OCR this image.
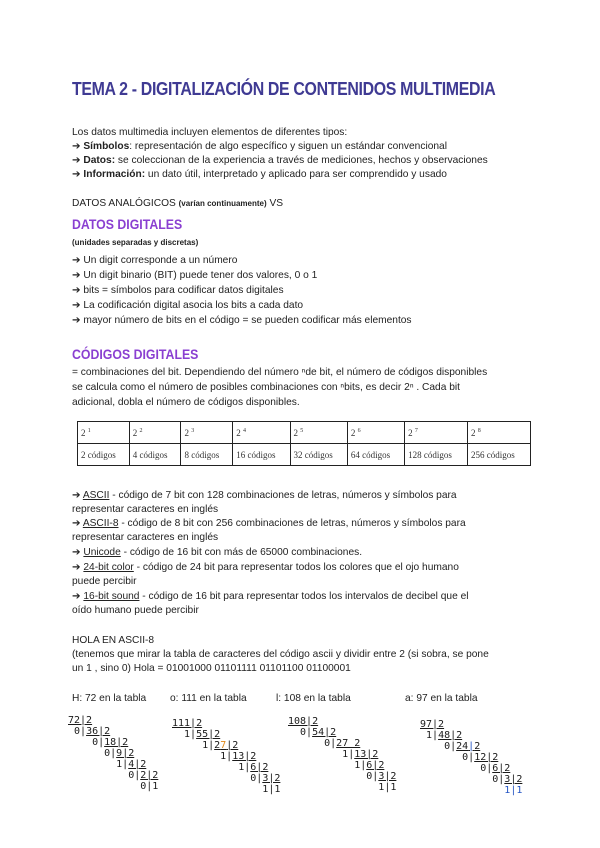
TEMA 2 - DIGITALIZACIÓN DE CONTENIDOS MULTIMEDIA
Los datos multimedia incluyen elementos de diferentes tipos:
➔ Símbolos: representación de algo específico y siguen un estándar convencional
➔ Datos: se coleccionan de la experiencia a través de mediciones, hechos y observaciones
➔ Información: un dato útil, interpretado y aplicado para ser comprendido y usado
DATOS ANALÓGICOS (varían continuamente) VS
DATOS DIGITALES
(unidades separadas y discretas)
➔ Un digit corresponde a un número
➔ Un digit binario (BIT) puede tener dos valores, 0 o 1
➔ bits = símbolos para codificar datos digitales
➔ La codificación digital asocia los bits a cada dato
➔ mayor número de bits en el código = se pueden codificar más elementos
CÓDIGOS DIGITALES
= combinaciones del bit. Dependiendo del número ⁿde bit, el número de códigos disponibles
se calcula como el número de posibles combinaciones con ⁿbits, es decir 2ⁿ . Cada bit
adicional, dobla el número de códigos disponibles.
2 $^1$	2 $^2$	2 $^3$	2 $^4$	2 $^5$	2 $^6$	2 $^7$	2 $^8$
2 códigos	4 códigos	8 códigos	16 códigos	32 códigos	64 códigos	128 códigos	256 códigos
➔ ASCII - código de 7 bit con 128 combinaciones de letras, números y símbolos para
representar caracteres en inglés
➔ ASCII-8 - código de 8 bit con 256 combinaciones de letras, números y símbolos para
representar caracteres en inglés
➔ Unicode - código de 16 bit con más de 65000 combinaciones.
➔ 24-bit color - código de 24 bit para representar todos los colores que el ojo humano
puede percibir
➔ 16-bit sound - código de 16 bit para representar todos los intervalos de decibel que el
oído humano puede percibir
HOLA EN ASCII-8
(tenemos que mirar la tabla de caracteres del código ascii y dividir entre 2 (si sobra, se pone
un 1 , sino 0) Hola = 01001000 01101111 01101100 01100001
H: 72 en la tabla o: 111 en la tabla	l: 108 en la tabla	a: 97 en la tabla
72|2
0|36|2
0|18|2
0|9|2
1|4|2
0|2|2
0|1
111|2
1|55|2
1|27|2
1|13|2
1|6|2
0|3|2
1|1
108|2
0|54|2
0|27 2
1|13|2
1|6|2
0|3|2
1|1
97|2
1|48|2
0|24|2
0|12|2
0|6|2
0|3|2
1|1
